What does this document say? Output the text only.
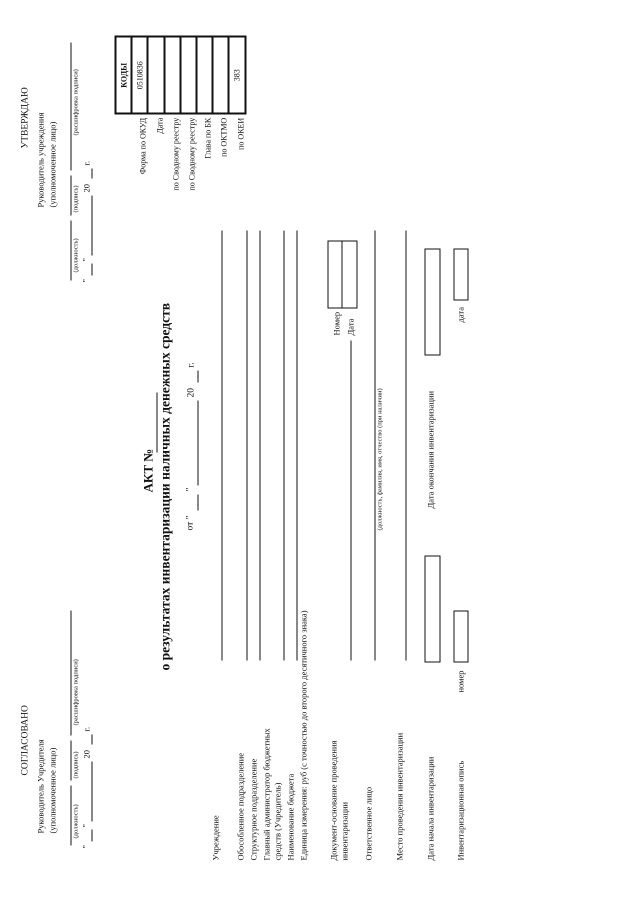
УТВЕРЖДАЮ Руководитель учреждения (уполномоченное лицо)
(должность)
(подпись)
(расшифровка подписи)
"
"
20
г.
СОГЛАСОВАНО Руководитель Учредителя (уполномоченное лицо) (должность)
(подпись)
(расшифровка подписи)
"
"
20
г.
	КОДЫ
Форма по ОКУД	0510836
Дата	
по Сводному реестру	
по Сводному реестру	
Глава по БК	
по ОКТМО	
по ОКЕИ	383
АКТ № о результатах инвентаризации наличных денежных средств от "
"
20
г.
Учреждение Обособленное подразделение Структурное подразделение Главный администратор бюджетных средств (Учредитель) Наименование бюджета Единица измерения: руб (с точностью до второго десятичного знака) Документ-основание проведения инвентаризации
Номер Дата
Ответственное лицо
(должность, фамилия, имя, отчество (при наличии)
Место проведения инвентаризации Дата начала инвентаризации
Дата окончания инвентаризации
Инвентаризационная опись
номер
дата
